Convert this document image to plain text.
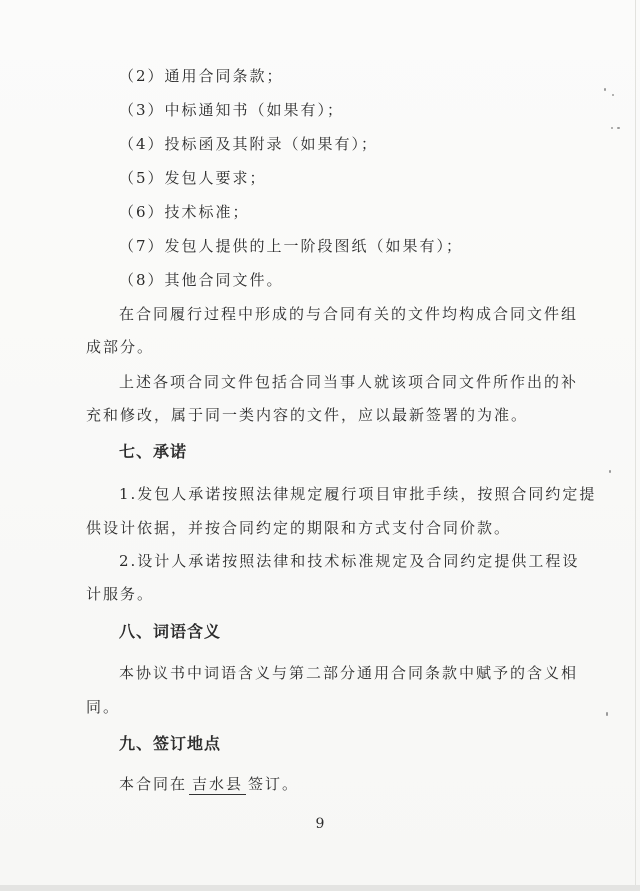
（2）通用合同条款；
（3）中标通知书（如果有）；
（4）投标函及其附录（如果有）；
（5）发包人要求；
（6）技术标准；
（7）发包人提供的上一阶段图纸（如果有）；
（8）其他合同文件。
在合同履行过程中形成的与合同有关的文件均构成合同文件组
成部分。
上述各项合同文件包括合同当事人就该项合同文件所作出的补
充和修改，属于同一类内容的文件，应以最新签署的为准。
七、承诺
1.发包人承诺按照法律规定履行项目审批手续，按照合同约定提
供设计依据，并按合同约定的期限和方式支付合同价款。
2.设计人承诺按照法律和技术标准规定及合同约定提供工程设
计服务。
八、词语含义
本协议书中词语含义与第二部分通用合同条款中赋予的含义相
同。
九、签订地点
本合同在 吉水县 签订。
9
